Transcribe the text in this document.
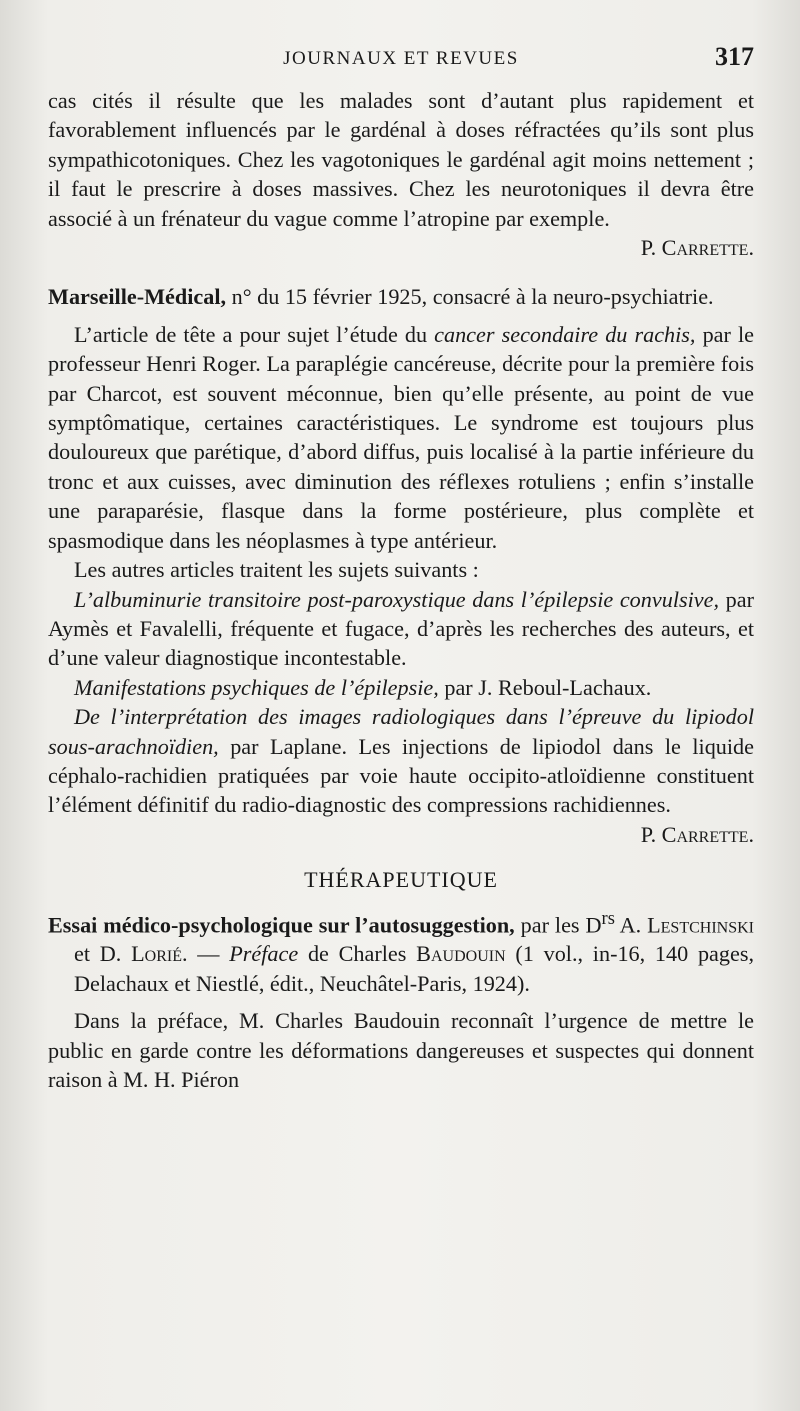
JOURNAUX ET REVUES	317

cas cités il résulte que les malades sont d’autant plus rapidement et favorablement influencés par le gardénal à doses réfractées qu’ils sont plus sympathicotoniques. Chez les vagotoniques le gardénal agit moins nettement ; il faut le prescrire à doses massives. Chez les neurotoniques il devra être associé à un frénateur du vague comme l’atropine par exemple.

P. Carrette.

Marseille-Médical, n° du 15 février 1925, consacré à la neuro-psychiatrie.

L’article de tête a pour sujet l’étude du cancer secondaire du rachis, par le professeur Henri Roger. La paraplégie cancéreuse, décrite pour la première fois par Charcot, est souvent méconnue, bien qu’elle présente, au point de vue symptômatique, certaines caractéristiques. Le syndrome est toujours plus douloureux que parétique, d’abord diffus, puis localisé à la partie inférieure du tronc et aux cuisses, avec diminution des réflexes rotuliens ; enfin s’installe une paraparésie, flasque dans la forme postérieure, plus complète et spasmodique dans les néoplasmes à type antérieur.

Les autres articles traitent les sujets suivants :

L’albuminurie transitoire post-paroxystique dans l’épilepsie convulsive, par Aymès et Favalelli, fréquente et fugace, d’après les recherches des auteurs, et d’une valeur diagnostique incontestable.

Manifestations psychiques de l’épilepsie, par J. Reboul-Lachaux.

De l’interprétation des images radiologiques dans l’épreuve du lipiodol sous-arachnoïdien, par Laplane. Les injections de lipiodol dans le liquide céphalo-rachidien pratiquées par voie haute occipito-atloïdienne constituent l’élément définitif du radio-diagnostic des compressions rachidiennes.

P. Carrette.

THÉRAPEUTIQUE

Essai médico-psychologique sur l’autosuggestion, par les $D^{rs}$ A. Lestchinski et D. Lorié. — Préface de Charles Baudouin (1 vol., in-16, 140 pages, Delachaux et Niestlé, édit., Neuchâtel-Paris, 1924).

Dans la préface, M. Charles Baudouin reconnaît l’urgence de mettre le public en garde contre les déformations dangereuses et suspectes qui donnent raison à M. H. Piéron
